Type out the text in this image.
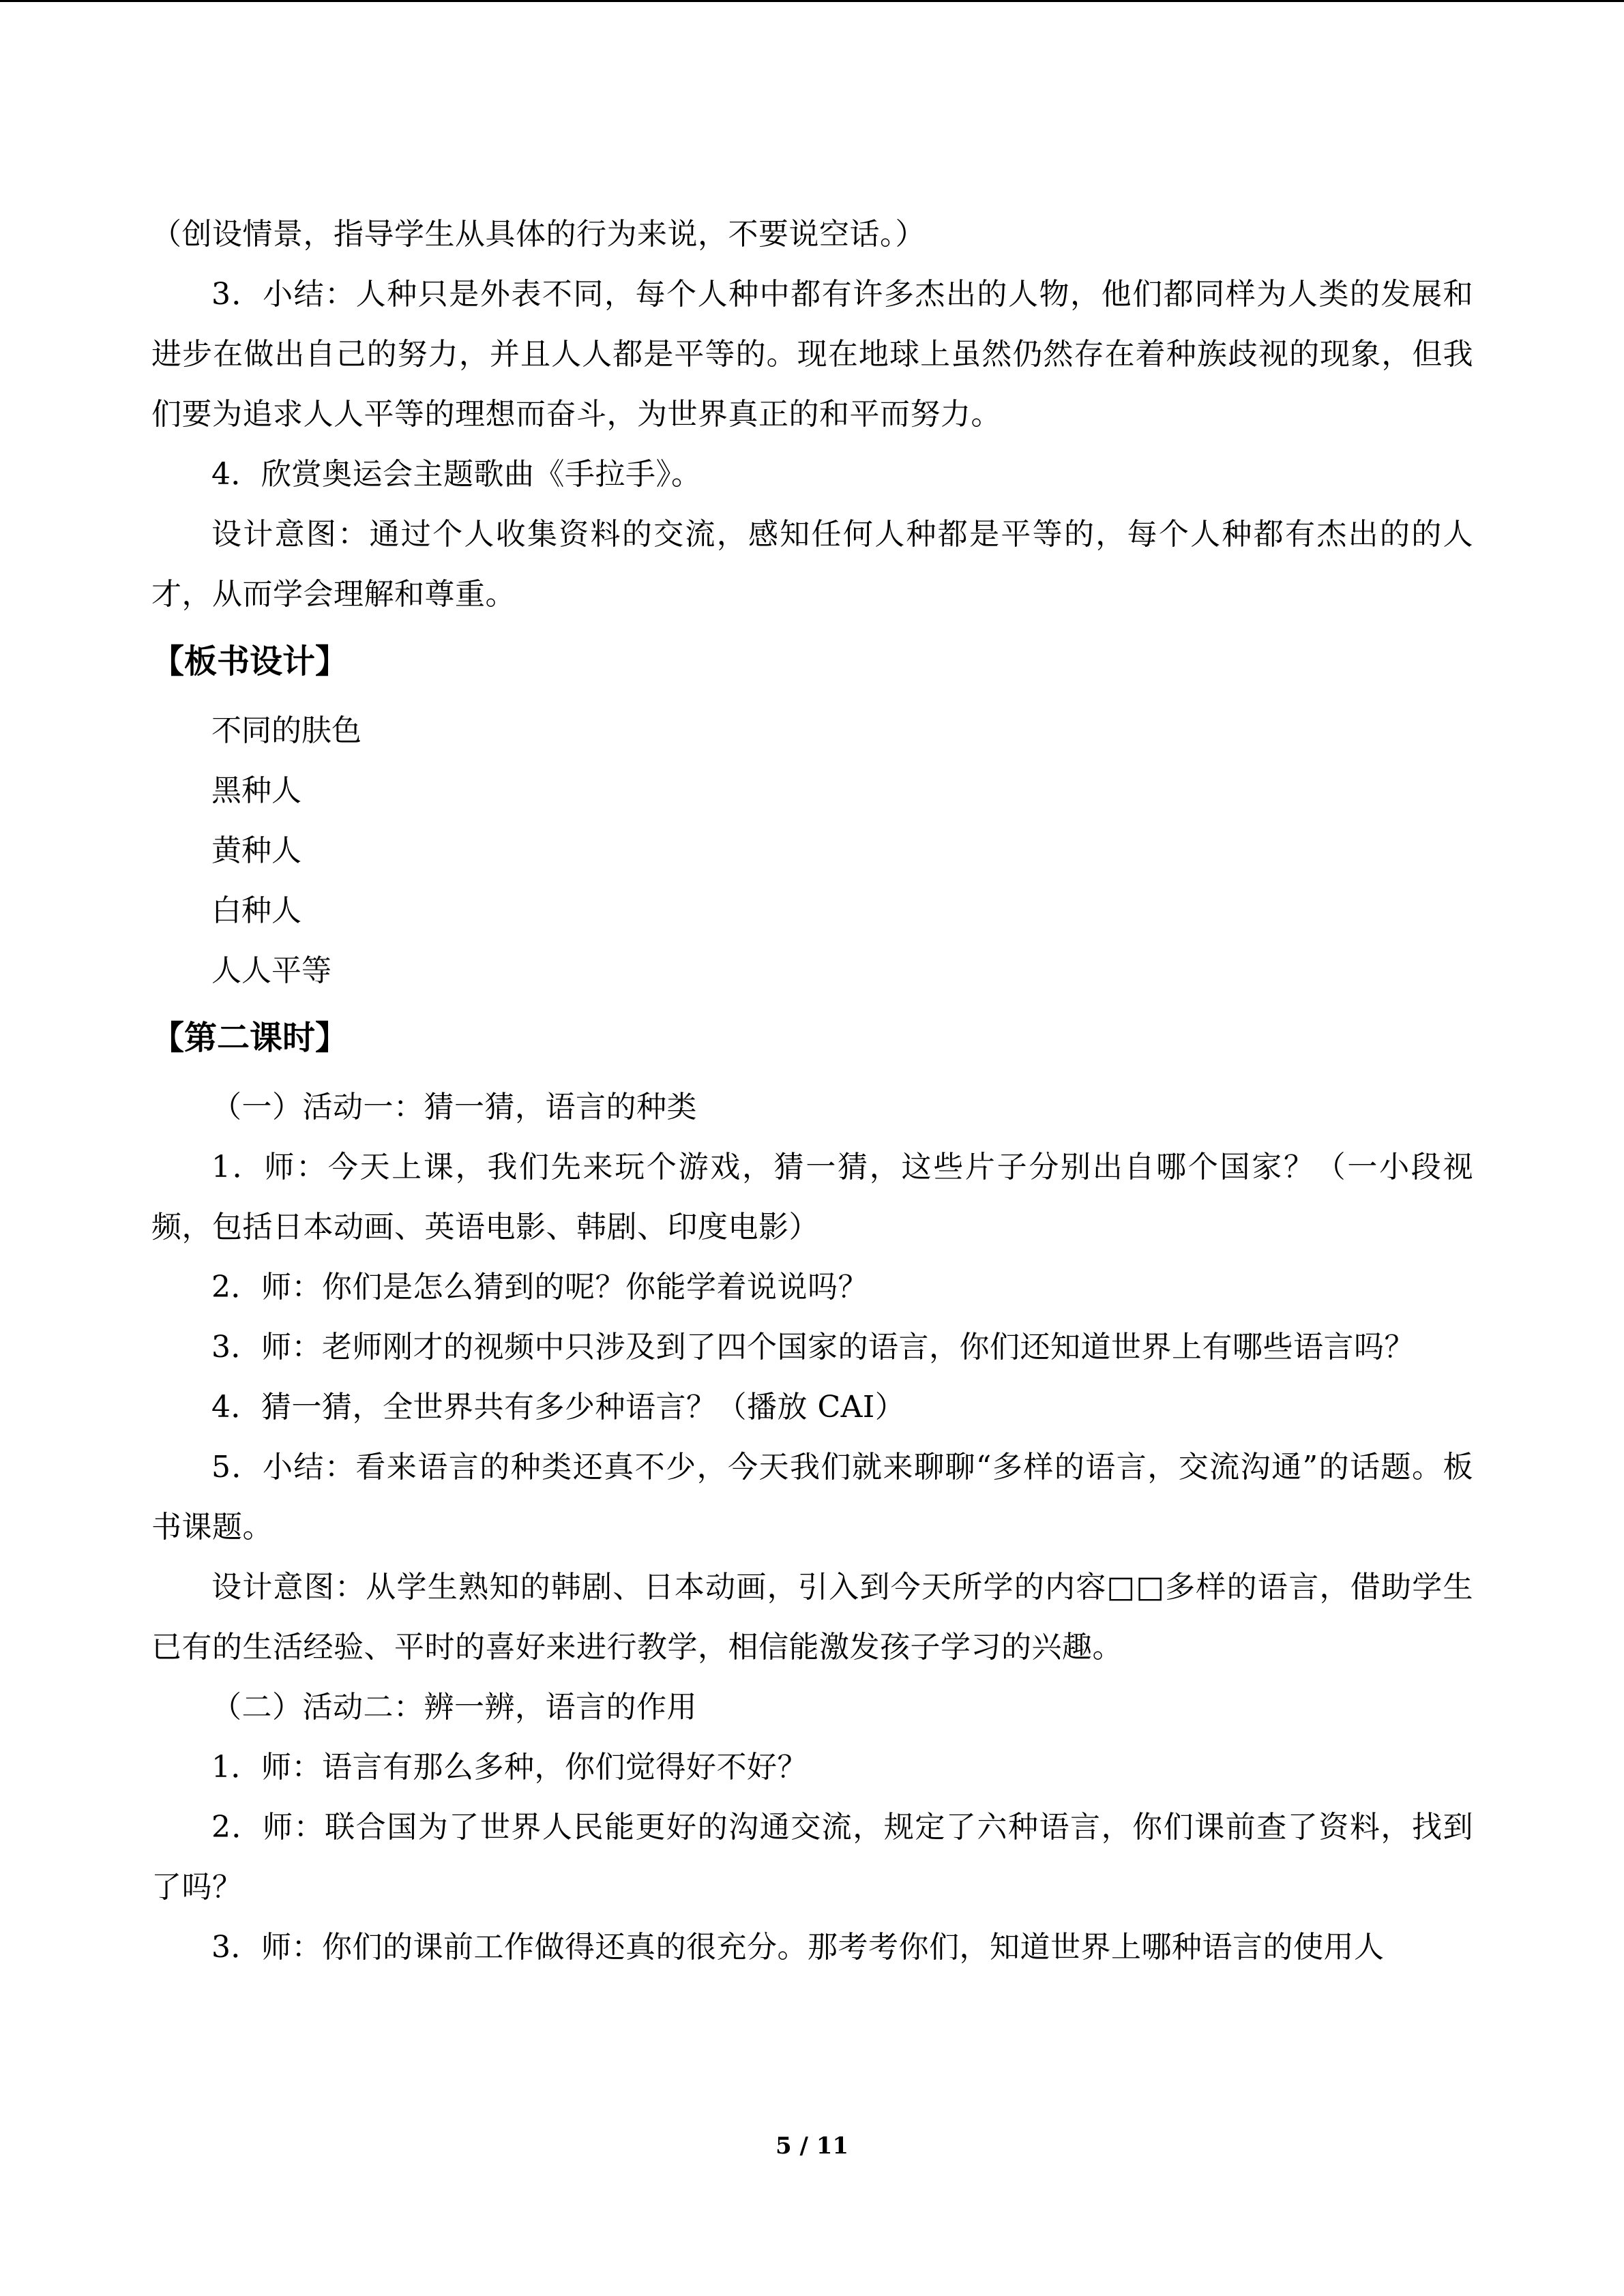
（创设情景，指导学生从具体的行为来说，不要说空话。）

3．小结：人种只是外表不同，每个人种中都有许多杰出的人物，他们都同样为人类的发展和进步在做出自己的努力，并且人人都是平等的。现在地球上虽然仍然存在着种族歧视的现象，但我们要为追求人人平等的理想而奋斗，为世界真正的和平而努力。

4．欣赏奥运会主题歌曲《手拉手》。

设计意图：通过个人收集资料的交流，感知任何人种都是平等的，每个人种都有杰出的的人才，从而学会理解和尊重。

【板书设计】

不同的肤色

黑种人

黄种人

白种人

人人平等

【第二课时】

（一）活动一：猜一猜，语言的种类

1．师：今天上课，我们先来玩个游戏，猜一猜，这些片子分别出自哪个国家？（一小段视频，包括日本动画、英语电影、韩剧、印度电影）

2．师：你们是怎么猜到的呢？你能学着说说吗？

3．师：老师刚才的视频中只涉及到了四个国家的语言，你们还知道世界上有哪些语言吗？

4．猜一猜，全世界共有多少种语言？（播放 CAI）

5．小结：看来语言的种类还真不少，今天我们就来聊聊“多样的语言，交流沟通”的话题。板书课题。

设计意图：从学生熟知的韩剧、日本动画，引入到今天所学的内容□□多样的语言，借助学生已有的生活经验、平时的喜好来进行教学，相信能激发孩子学习的兴趣。

（二）活动二：辨一辨，语言的作用

1．师：语言有那么多种，你们觉得好不好？

2．师：联合国为了世界人民能更好的沟通交流，规定了六种语言，你们课前查了资料，找到了吗？

3．师：你们的课前工作做得还真的很充分。那考考你们，知道世界上哪种语言的使用人

5 / 11
